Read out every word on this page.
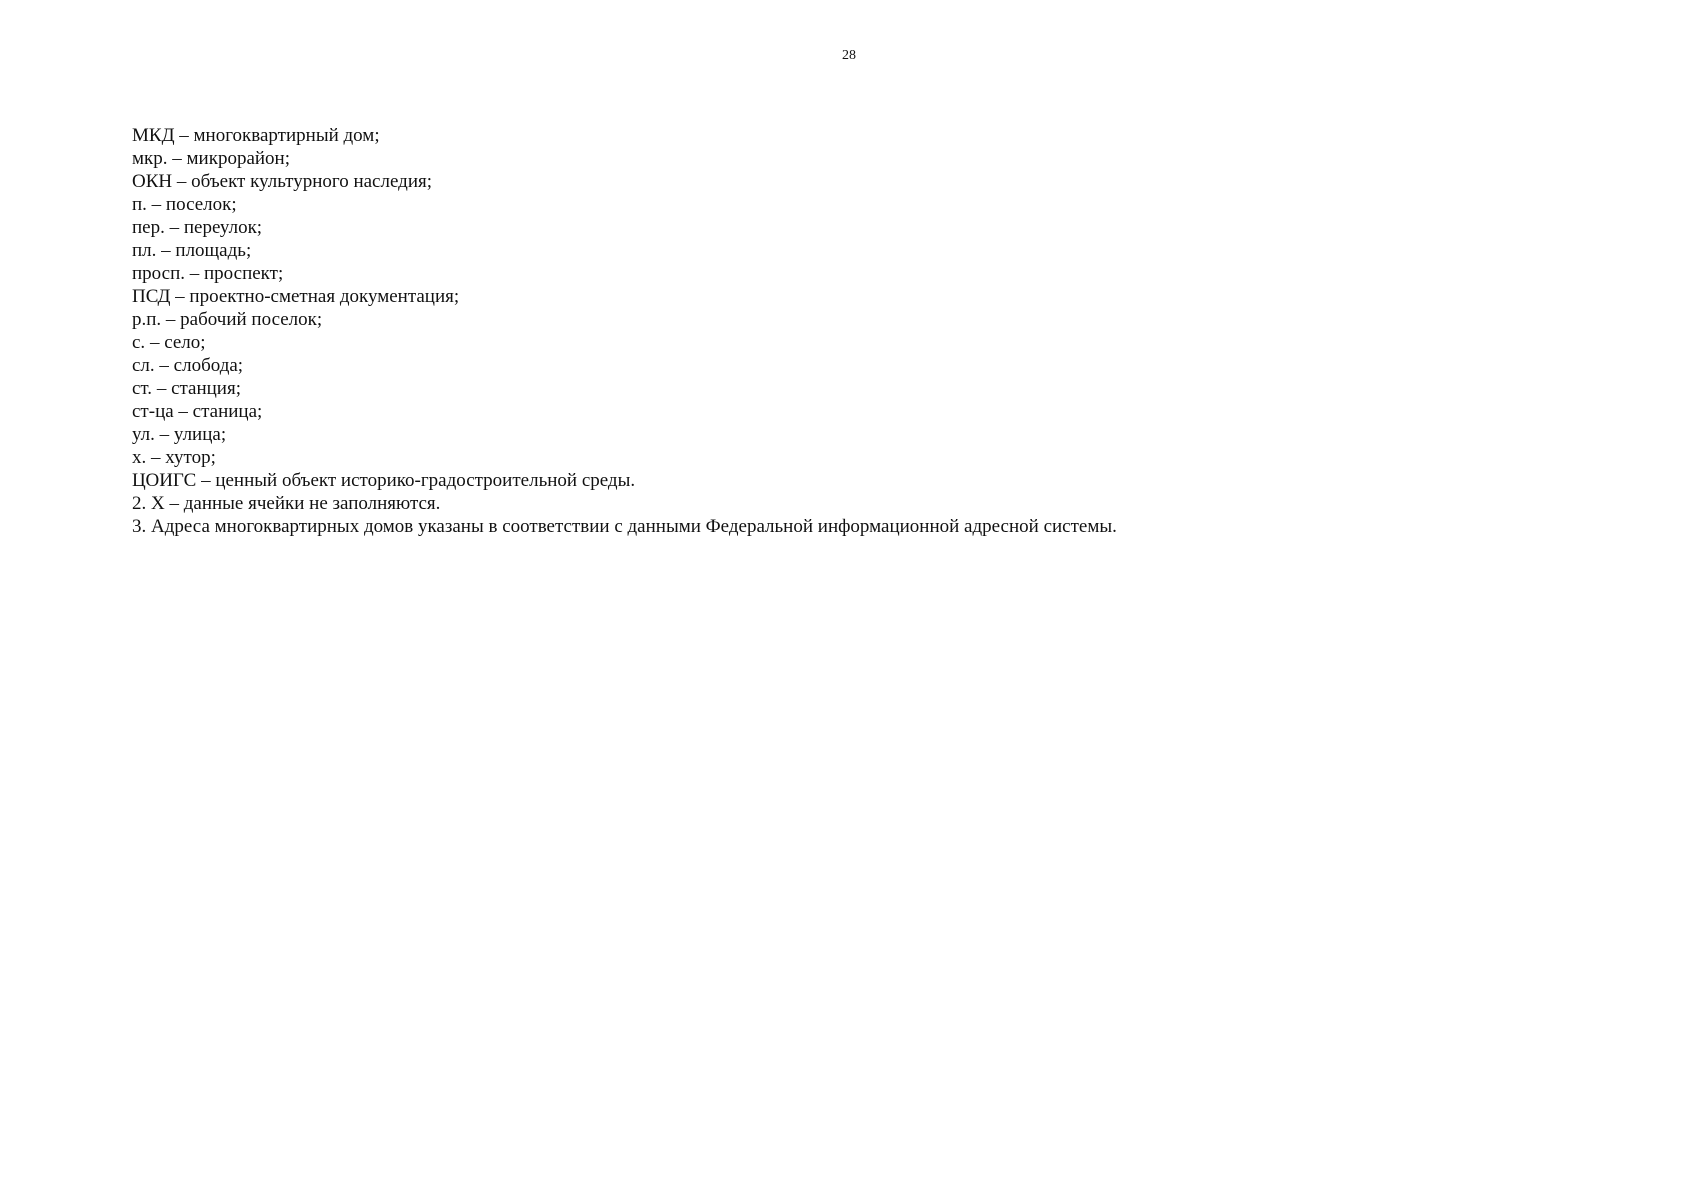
28
МКД – многоквартирный дом;
мкр. – микрорайон;
ОКН – объект культурного наследия;
п. – поселок;
пер. – переулок;
пл. – площадь;
просп. – проспект;
ПСД – проектно-сметная документация;
р.п. – рабочий поселок;
с. – село;
сл. – слобода;
ст. – станция;
ст-ца – станица;
ул. – улица;
х. – хутор;
ЦОИГС – ценный объект историко-градостроительной среды.
2. Х – данные ячейки не заполняются.
3. Адреса многоквартирных домов указаны в соответствии с данными Федеральной информационной адресной системы.
